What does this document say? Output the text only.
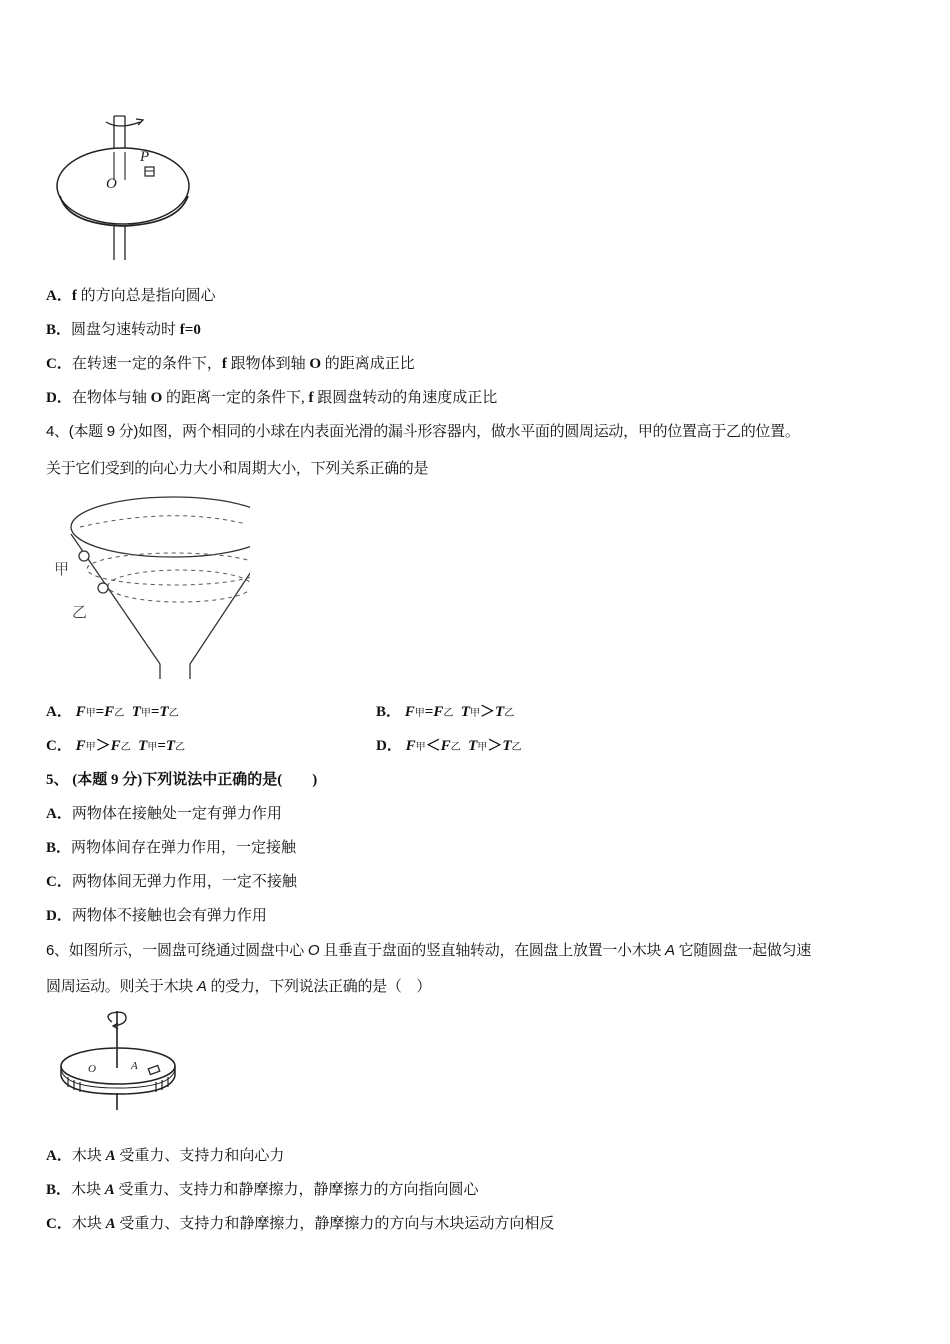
P
O
A．f 的方向总是指向圆心
B．圆盘匀速转动时 f=0
C．在转速一定的条件下，f 跟物体到轴 O 的距离成正比
D．在物体与轴 O 的距离一定的条件下, f 跟圆盘转动的角速度成正比
4、(本题 9 分)如图，两个相同的小球在内表面光滑的漏斗形容器内，做水平面的圆周运动，甲的位置高于乙的位置。
关于它们受到的向心力大小和周期大小，下列关系正确的是
甲
乙
A． F甲=F乙 T甲=T乙	B． F甲=F乙 T甲＞T乙
C． F甲＞F乙 T甲=T乙	D． F甲＜F乙 T甲＞T乙
5、 (本题 9 分)下列说法中正确的是(　　)
A．两物体在接触处一定有弹力作用
B．两物体间存在弹力作用，一定接触
C．两物体间无弹力作用，一定不接触
D．两物体不接触也会有弹力作用
6、如图所示，一圆盘可绕通过圆盘中心 O 且垂直于盘面的竖直轴转动，在圆盘上放置一小木块 A 它随圆盘一起做匀速
圆周运动。则关于木块 A 的受力，下列说法正确的是（　）
O	A
A．木块 A 受重力、支持力和向心力
B．木块 A 受重力、支持力和静摩擦力，静摩擦力的方向指向圆心
C．木块 A 受重力、支持力和静摩擦力，静摩擦力的方向与木块运动方向相反
